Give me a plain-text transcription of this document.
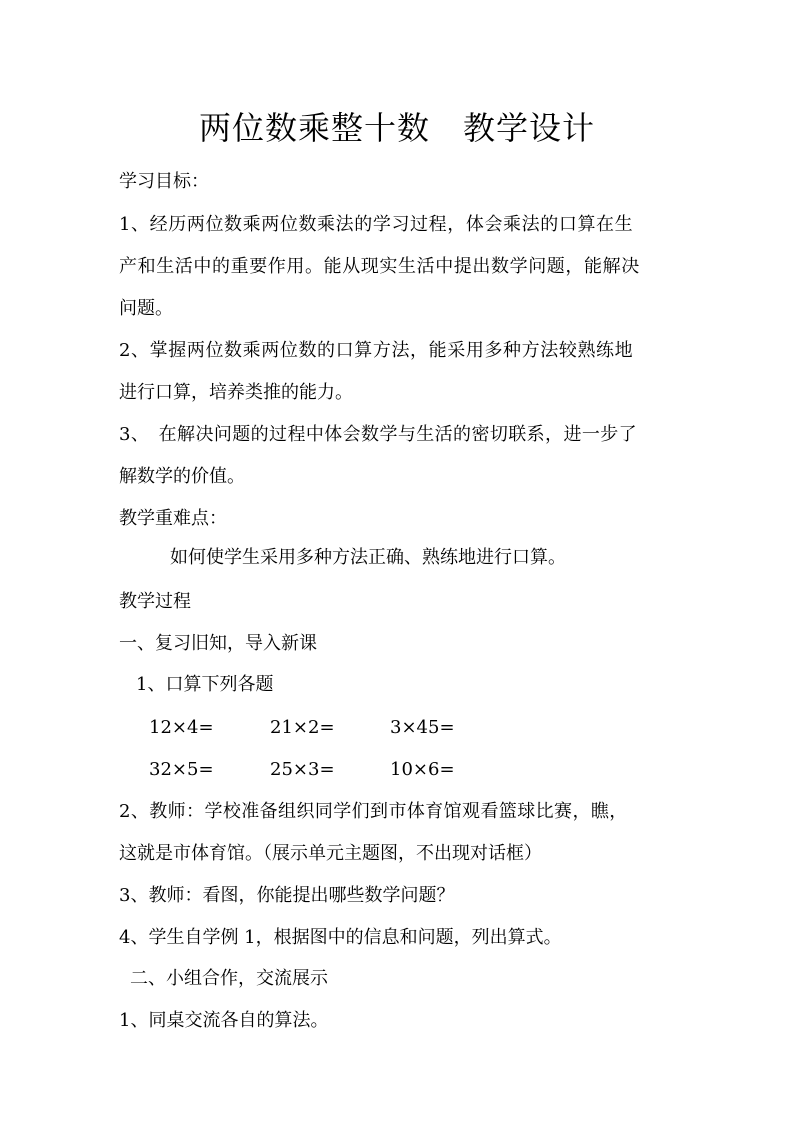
两位数乘整十数　教学设计
学习目标：
1、经历两位数乘两位数乘法的学习过程，体会乘法的口算在生
产和生活中的重要作用。能从现实生活中提出数学问题，能解决
问题。
2、掌握两位数乘两位数的口算方法，能采用多种方法较熟练地
进行口算，培养类推的能力。
3、　在解决问题的过程中体会数学与生活的密切联系，进一步了
解数学的价值。
教学重难点：
如何使学生采用多种方法正确、熟练地进行口算。
教学过程
一、复习旧知，导入新课
1、口算下列各题
12×4=	21×2=	3×45=
32×5=	25×3=	10×6=
2、教师：学校准备组织同学们到市体育馆观看篮球比赛，瞧，
这就是市体育馆。（展示单元主题图，不出现对话框）
3、教师：看图，你能提出哪些数学问题？
4、学生自学例 1，根据图中的信息和问题，列出算式。
二、小组合作，交流展示
1、同桌交流各自的算法。
